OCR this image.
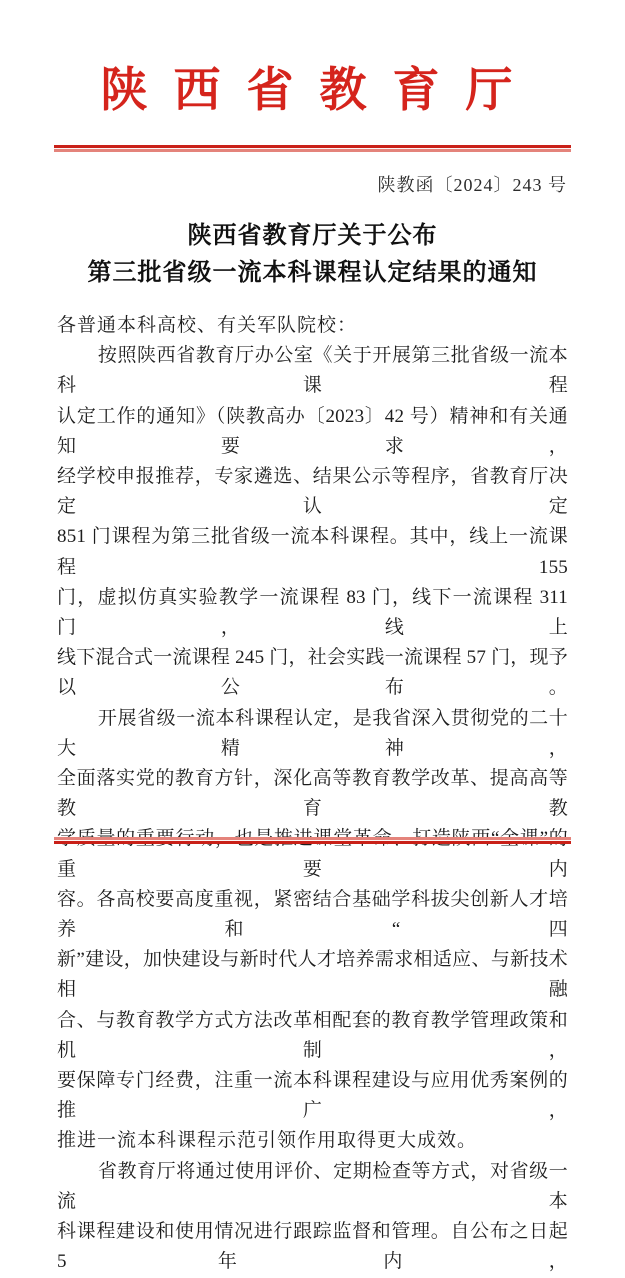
陕西省教育厅
陕教函〔2024〕243 号
陕西省教育厅关于公布
第三批省级一流本科课程认定结果的通知
各普通本科高校、有关军队院校：
按照陕西省教育厅办公室《关于开展第三批省级一流本科课程
认定工作的通知》（陕教高办〔2023〕42 号）精神和有关通知要求，
经学校申报推荐，专家遴选、结果公示等程序，省教育厅决定认定
851 门课程为第三批省级一流本科课程。其中，线上一流课程 155
门，虚拟仿真实验教学一流课程 83 门，线下一流课程 311 门，线上
线下混合式一流课程 245 门，社会实践一流课程 57 门，现予以公布。
开展省级一流本科课程认定，是我省深入贯彻党的二十大精神，
全面落实党的教育方针，深化高等教育教学改革、提高高等教育教
重要内
容。各高校要高度重视，紧密结合基础学科拔尖创新人才培养和“四
新”建设，加快建设与新时代人才培养需求相适应、与新技术相融
合、与教育教学方式方法改革相配套的教育教学管理政策和机制，
要保障专门经费，注重一流本科课程建设与应用优秀案例的推广，
推进一流本科课程示范引领作用取得更大成效。
省教育厅将通过使用评价、定期检查等方式，对省级一流本
科课程建设和使用情况进行跟踪监督和管理。自公布之日起 5 年内，
